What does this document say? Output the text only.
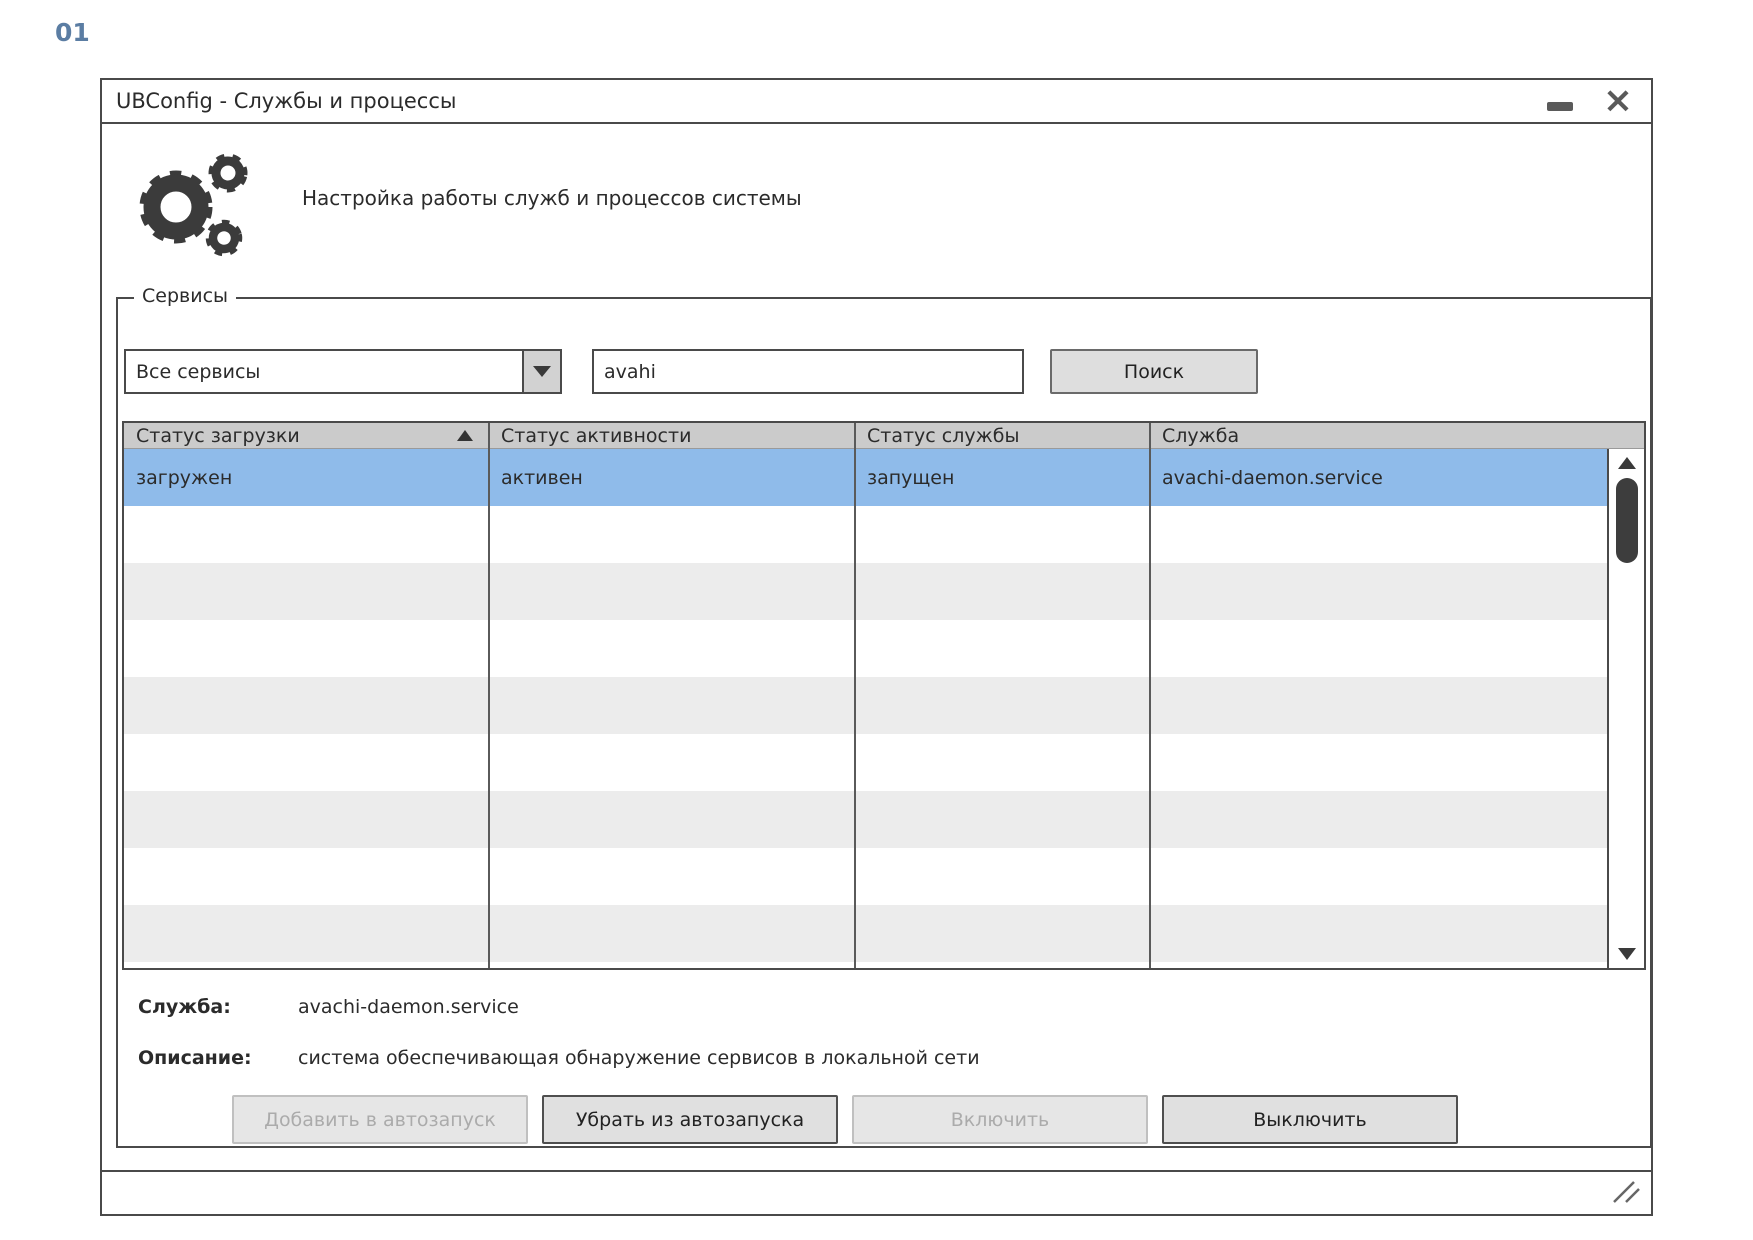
01
UBConfig - Службы и процессы	×
Настройка работы служб и процессов системы
Сервисы
Все сервисы
avahi	Поиск
Статус загрузки	Статус активности	Статус службы	Служба
загружен	активен	запущен	avachi-daemon.service
Служба:	avachi-daemon.service
Описание:	система обеспечивающая обнаружение сервисов в локальной сети
Добавить в автозапуск	Убрать из автозапуска	Включить	Выключить
